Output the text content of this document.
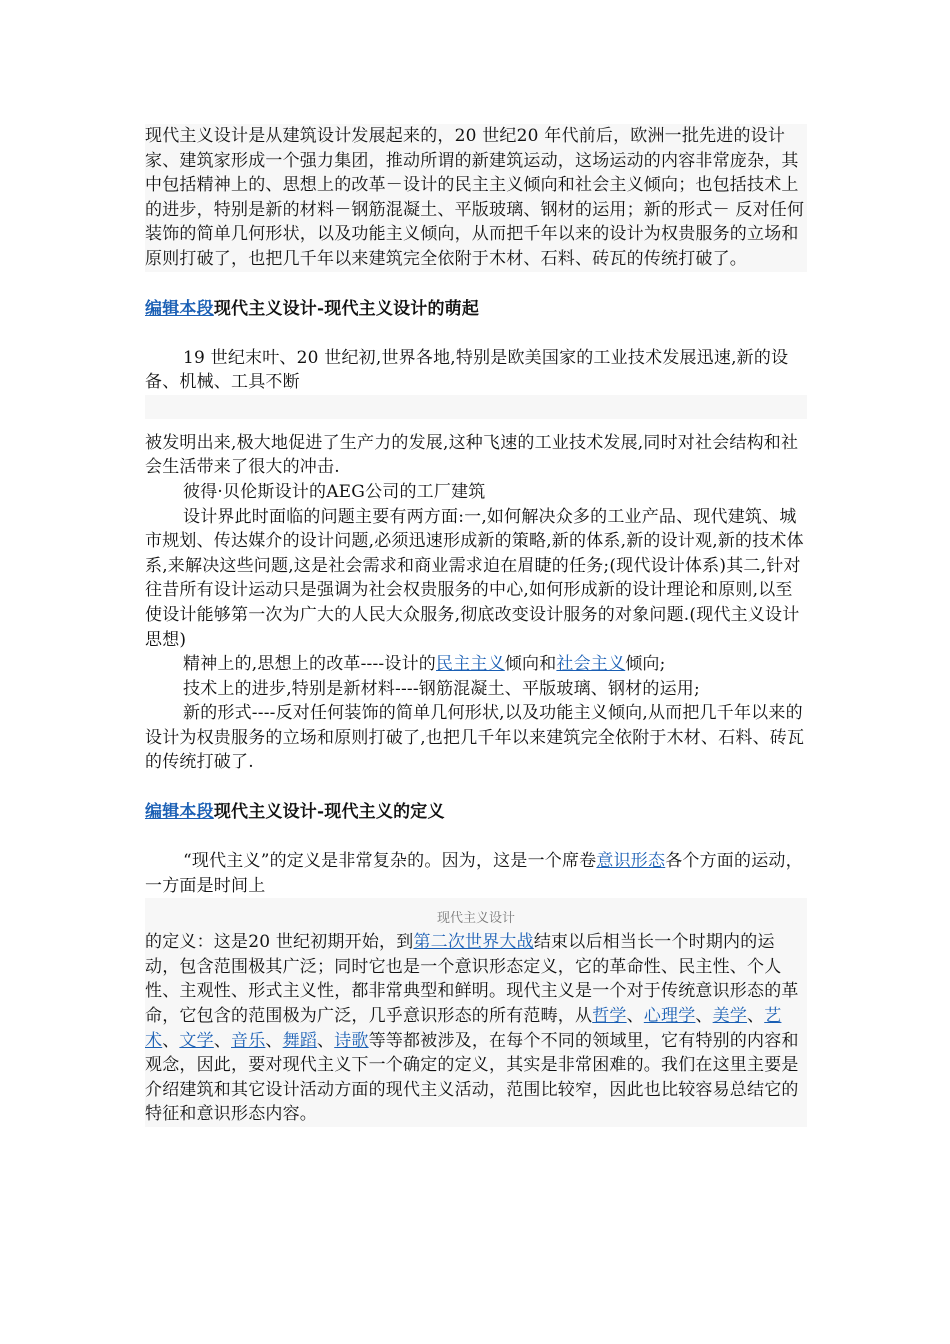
现代主义设计是从建筑设计发展起来的，20 世纪20 年代前后，欧洲一批先进的设计家、建筑家形成一个强力集团，推动所谓的新建筑运动，这场运动的内容非常庞杂，其中包括精神上的、思想上的改革－设计的民主主义倾向和社会主义倾向；也包括技术上的进步，特别是新的材料－钢筋混凝土、平版玻璃、钢材的运用；新的形式－ 反对任何装饰的简单几何形状，以及功能主义倾向，从而把千年以来的设计为权贵服务的立场和原则打破了，也把几千年以来建筑完全依附于木材、石料、砖瓦的传统打破了。

编辑本段现代主义设计-现代主义设计的萌起

19 世纪末叶、20 世纪初,世界各地,特别是欧美国家的工业技术发展迅速,新的设备、机械、工具不断

被发明出来,极大地促进了生产力的发展,这种飞速的工业技术发展,同时对社会结构和社会生活带来了很大的冲击.

彼得·贝伦斯设计的AEG公司的工厂建筑

设计界此时面临的问题主要有两方面:一,如何解决众多的工业产品、现代建筑、城市规划、传达媒介的设计问题,必须迅速形成新的策略,新的体系,新的设计观,新的技术体系,来解决这些问题,这是社会需求和商业需求迫在眉睫的任务;(现代设计体系)其二,针对往昔所有设计运动只是强调为社会权贵服务的中心,如何形成新的设计理论和原则,以至使设计能够第一次为广大的人民大众服务,彻底改变设计服务的对象问题.(现代主义设计思想)

精神上的,思想上的改革----设计的民主主义倾向和社会主义倾向;

技术上的进步,特别是新材料----钢筋混凝土、平版玻璃、钢材的运用;

新的形式----反对任何装饰的简单几何形状,以及功能主义倾向,从而把几千年以来的设计为权贵服务的立场和原则打破了,也把几千年以来建筑完全依附于木材、石料、砖瓦的传统打破了.

编辑本段现代主义设计-现代主义的定义

“现代主义”的定义是非常复杂的。因为，这是一个席卷意识形态各个方面的运动，一方面是时间上

现代主义设计

的定义：这是20 世纪初期开始，到第二次世界大战结束以后相当长一个时期内的运动，包含范围极其广泛；同时它也是一个意识形态定义，它的革命性、民主性、个人性、主观性、形式主义性，都非常典型和鲜明。现代主义是一个对于传统意识形态的革命，它包含的范围极为广泛，几乎意识形态的所有范畴，从哲学、心理学、美学、艺术、文学、音乐、舞蹈、诗歌等等都被涉及，在每个不同的领域里，它有特别的内容和观念，因此，要对现代主义下一个确定的定义，其实是非常困难的。我们在这里主要是介绍建筑和其它设计活动方面的现代主义活动，范围比较窄，因此也比较容易总结它的特征和意识形态内容。
